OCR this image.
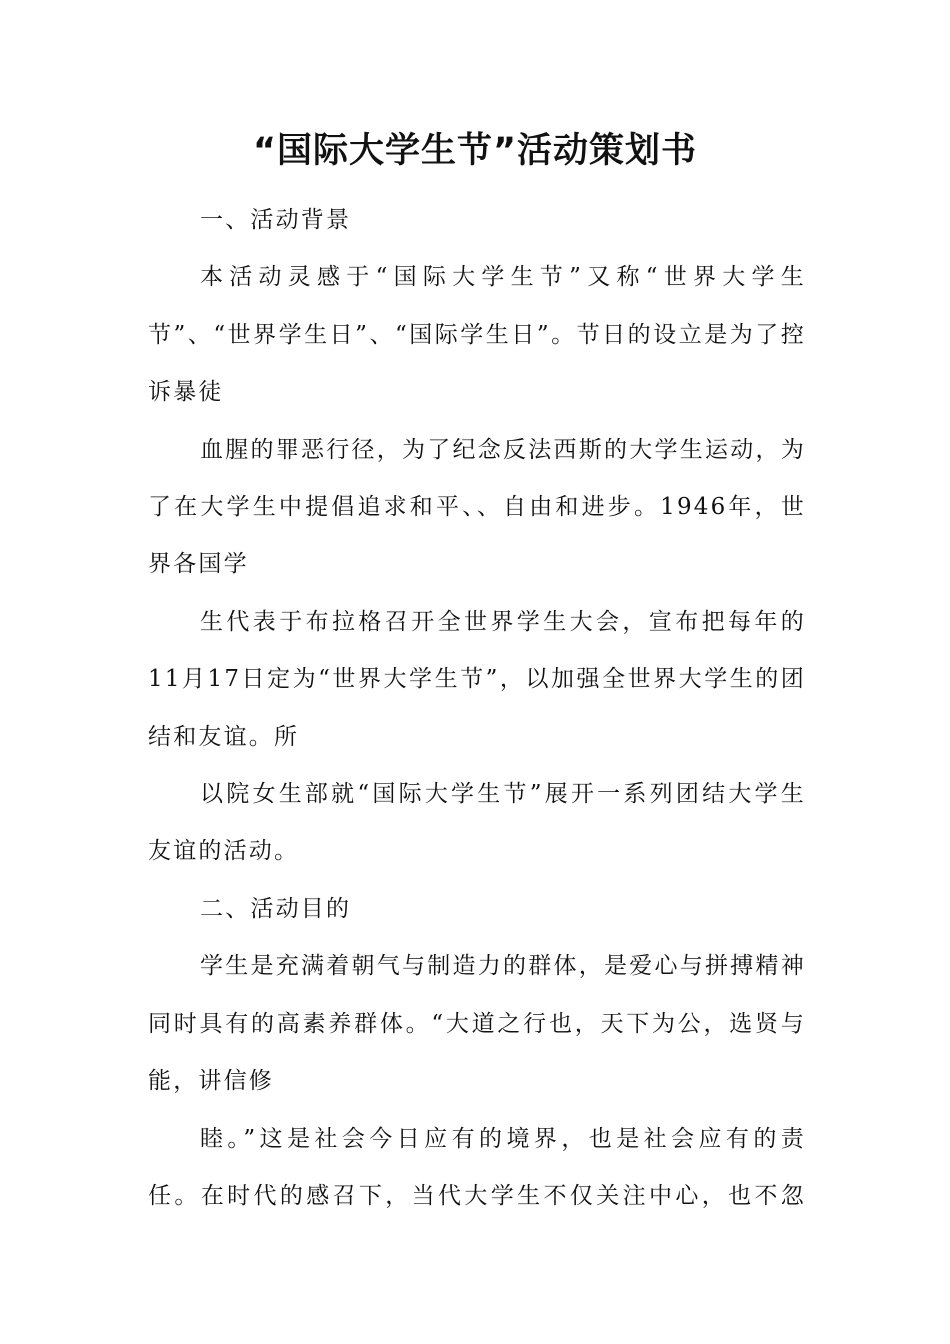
“国际大学生节”活动策划书

一、活动背景

本活动灵感于“国际大学生节”又称“世界大学生节”、“世界学生日”、“国际学生日”。节日的设立是为了控诉暴徒

血腥的罪恶行径，为了纪念反法西斯的大学生运动，为了在大学生中提倡追求和平、、自由和进步。1946年，世界各国学

生代表于布拉格召开全世界学生大会，宣布把每年的11月17日定为“世界大学生节”，以加强全世界大学生的团结和友谊。所

以院女生部就“国际大学生节”展开一系列团结大学生友谊的活动。

二、活动目的

学生是充满着朝气与制造力的群体，是爱心与拼搏精神同时具有的高素养群体。“大道之行也，天下为公，选贤与能，讲信修

睦。”这是社会今日应有的境界，也是社会应有的责任。在时代的感召下，当代大学生不仅关注中心，也不忽
